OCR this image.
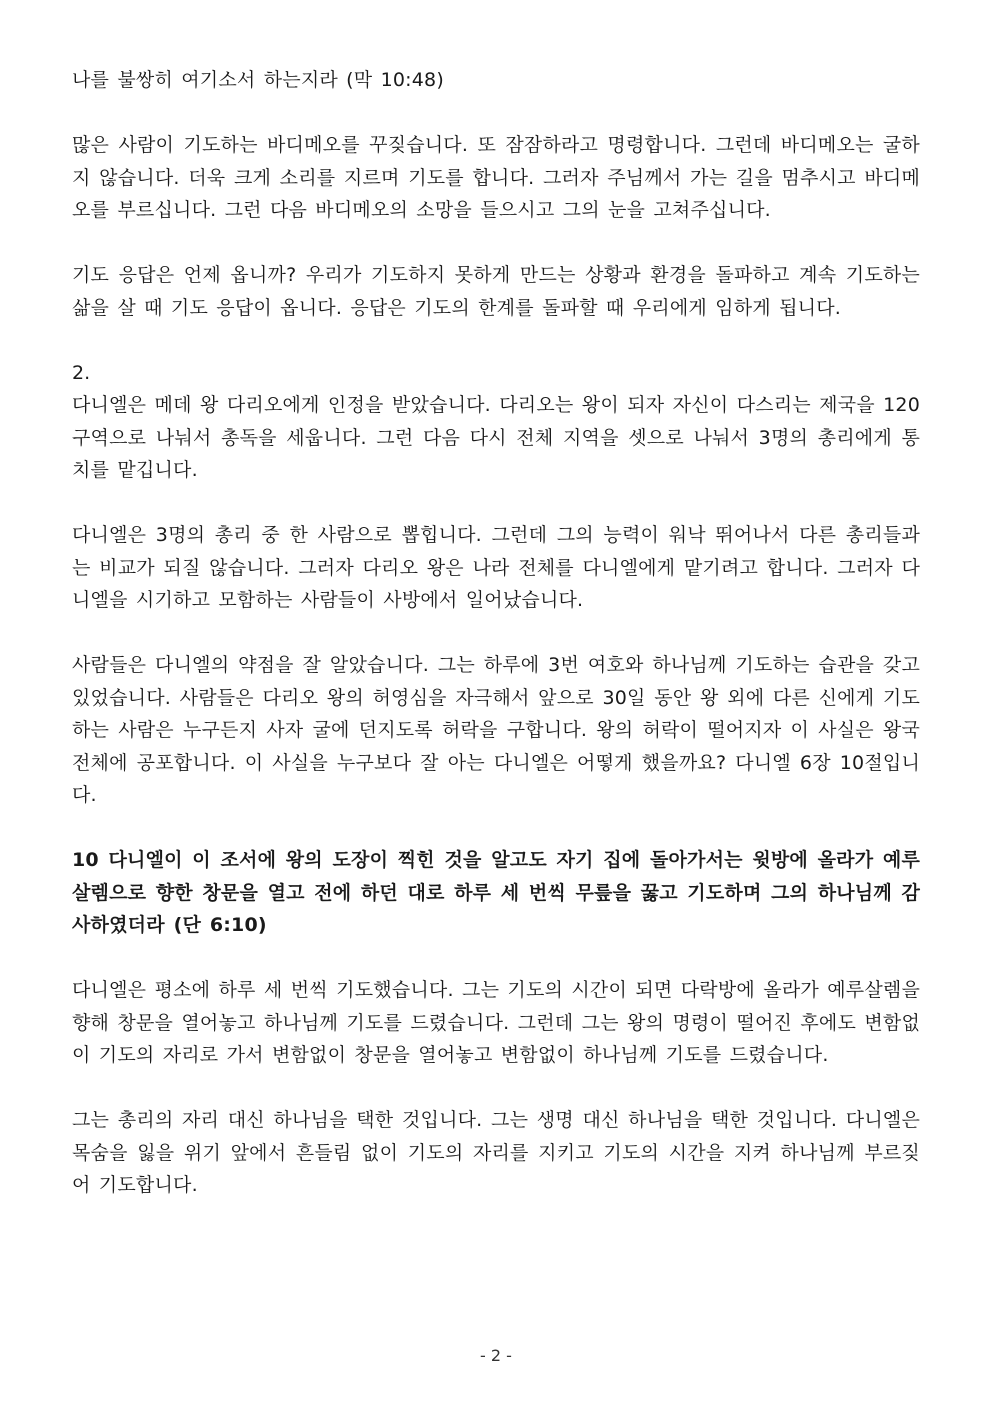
나를 불쌍히 여기소서 하는지라 (막 10:48)

많은 사람이 기도하는 바디메오를 꾸짖습니다. 또 잠잠하라고 명령합니다. 그런데 바디메오는 굴하지 않습니다. 더욱 크게 소리를 지르며 기도를 합니다. 그러자 주님께서 가는 길을 멈추시고 바디메오를 부르십니다. 그런 다음 바디메오의 소망을 들으시고 그의 눈을 고쳐주십니다.

기도 응답은 언제 옵니까? 우리가 기도하지 못하게 만드는 상황과 환경을 돌파하고 계속 기도하는 삶을 살 때 기도 응답이 옵니다. 응답은 기도의 한계를 돌파할 때 우리에게 임하게 됩니다.

2.

다니엘은 메데 왕 다리오에게 인정을 받았습니다. 다리오는 왕이 되자 자신이 다스리는 제국을 120구역으로 나눠서 총독을 세웁니다. 그런 다음 다시 전체 지역을 셋으로 나눠서 3명의 총리에게 통치를 맡깁니다.

다니엘은 3명의 총리 중 한 사람으로 뽑힙니다. 그런데 그의 능력이 워낙 뛰어나서 다른 총리들과는 비교가 되질 않습니다. 그러자 다리오 왕은 나라 전체를 다니엘에게 맡기려고 합니다. 그러자 다니엘을 시기하고 모함하는 사람들이 사방에서 일어났습니다.

사람들은 다니엘의 약점을 잘 알았습니다. 그는 하루에 3번 여호와 하나님께 기도하는 습관을 갖고 있었습니다. 사람들은 다리오 왕의 허영심을 자극해서 앞으로 30일 동안 왕 외에 다른 신에게 기도하는 사람은 누구든지 사자 굴에 던지도록 허락을 구합니다. 왕의 허락이 떨어지자 이 사실은 왕국 전체에 공포합니다. 이 사실을 누구보다 잘 아는 다니엘은 어떻게 했을까요? 다니엘 6장 10절입니다.

10 다니엘이 이 조서에 왕의 도장이 찍힌 것을 알고도 자기 집에 돌아가서는 윗방에 올라가 예루살렘으로 향한 창문을 열고 전에 하던 대로 하루 세 번씩 무릎을 꿇고 기도하며 그의 하나님께 감사하였더라 (단 6:10)

다니엘은 평소에 하루 세 번씩 기도했습니다. 그는 기도의 시간이 되면 다락방에 올라가 예루살렘을 향해 창문을 열어놓고 하나님께 기도를 드렸습니다. 그런데 그는 왕의 명령이 떨어진 후에도 변함없이 기도의 자리로 가서 변함없이 창문을 열어놓고 변함없이 하나님께 기도를 드렸습니다.

그는 총리의 자리 대신 하나님을 택한 것입니다. 그는 생명 대신 하나님을 택한 것입니다. 다니엘은 목숨을 잃을 위기 앞에서 흔들림 없이 기도의 자리를 지키고 기도의 시간을 지켜 하나님께 부르짖어 기도합니다.

- 2 -
